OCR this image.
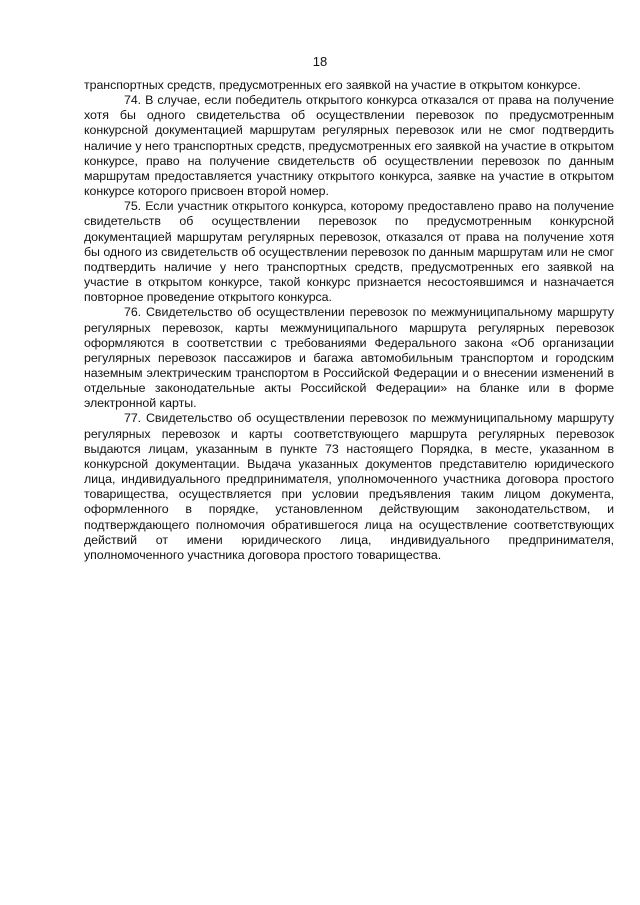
18

транспортных средств, предусмотренных его заявкой на участие в открытом конкурсе.

74. В случае, если победитель открытого конкурса отказался от права на получение хотя бы одного свидетельства об осуществлении перевозок по предусмотренным конкурсной документацией маршрутам регулярных перевозок или не смог подтвердить наличие у него транспортных средств, предусмотренных его заявкой на участие в открытом конкурсе, право на получение свидетельств об осуществлении перевозок по данным маршрутам предоставляется участнику открытого конкурса, заявке на участие в открытом конкурсе которого присвоен второй номер.

75. Если участник открытого конкурса, которому предоставлено право на получение свидетельств об осуществлении перевозок по предусмотренным конкурсной документацией маршрутам регулярных перевозок, отказался от права на получение хотя бы одного из свидетельств об осуществлении перевозок по данным маршрутам или не смог подтвердить наличие у него транспортных средств, предусмотренных его заявкой на участие в открытом конкурсе, такой конкурс признается несостоявшимся и назначается повторное проведение открытого конкурса.

76. Свидетельство об осуществлении перевозок по межмуниципальному маршруту регулярных перевозок, карты межмуниципального маршрута регулярных перевозок оформляются в соответствии с требованиями Федерального закона «Об организации регулярных перевозок пассажиров и багажа автомобильным транспортом и городским наземным электрическим транспортом в Российской Федерации и о внесении изменений в отдельные законодательные акты Российской Федерации» на бланке или в форме электронной карты.

77. Свидетельство об осуществлении перевозок по межмуниципальному маршруту регулярных перевозок и карты соответствующего маршрута регулярных перевозок выдаются лицам, указанным в пункте 73 настоящего Порядка, в месте, указанном в конкурсной документации. Выдача указанных документов представителю юридического лица, индивидуального предпринимателя, уполномоченного участника договора простого товарищества, осуществляется при условии предъявления таким лицом документа, оформленного в порядке, установленном действующим законодательством, и подтверждающего полномочия обратившегося лица на осуществление соответствующих действий от имени юридического лица, индивидуального предпринимателя, уполномоченного участника договора простого товарищества.
